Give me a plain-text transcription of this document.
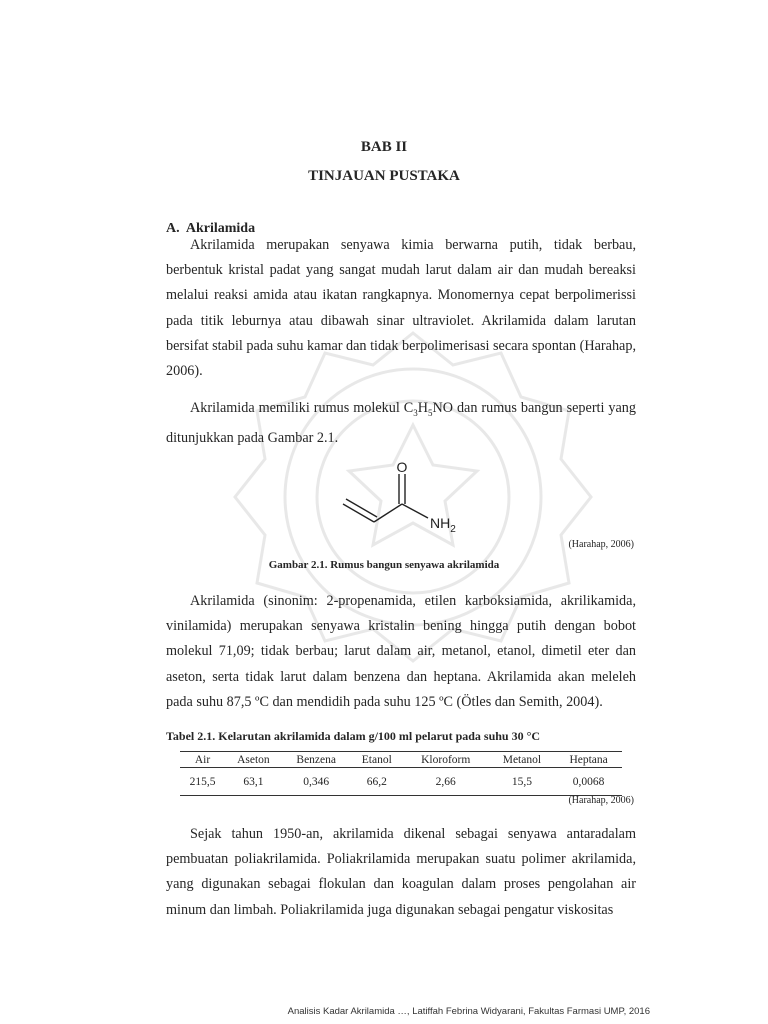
BAB II
TINJAUAN PUSTAKA
A. Akrilamida

Akrilamida merupakan senyawa kimia berwarna putih, tidak berbau, berbentuk kristal padat yang sangat mudah larut dalam air dan mudah bereaksi melalui reaksi amida atau ikatan rangkapnya. Monomernya cepat berpolimerissi pada titik leburnya atau dibawah sinar ultraviolet. Akrilamida dalam larutan bersifat stabil pada suhu kamar dan tidak berpolimerisasi secara spontan (Harahap, 2006).

Akrilamida memiliki rumus molekul $C_3H_5NO$ dan rumus bangun seperti yang ditunjukkan pada Gambar 2.1.

O
$NH_2$
(Harahap, 2006)
Gambar 2.1. Rumus bangun senyawa akrilamida

Akrilamida (sinonim: 2-propenamida, etilen karboksiamida, akrilikamida, vinilamida) merupakan senyawa kristalin bening hingga putih dengan bobot molekul 71,09; tidak berbau; larut dalam air, metanol, etanol, dimetil eter dan aseton, serta tidak larut dalam benzena dan heptana. Akrilamida akan meleleh pada suhu 87,5 ºC dan mendidih pada suhu 125 ºC (Ötles dan Semith, 2004).

Tabel 2.1. Kelarutan akrilamida dalam g/100 ml pelarut pada suhu 30 °C
Air	Aseton	Benzena	Etanol	Kloroform	Metanol	Heptana
215,5	63,1	0,346	66,2	2,66	15,5	0,0068
(Harahap, 2006)

Sejak tahun 1950-an, akrilamida dikenal sebagai senyawa antaradalam pembuatan poliakrilamida. Poliakrilamida merupakan suatu polimer akrilamida, yang digunakan sebagai flokulan dan koagulan dalam proses pengolahan air minum dan limbah. Poliakrilamida juga digunakan sebagai pengatur viskositas

Analisis Kadar Akrilamida …, Latiffah Febrina Widyarani, Fakultas Farmasi UMP, 2016
